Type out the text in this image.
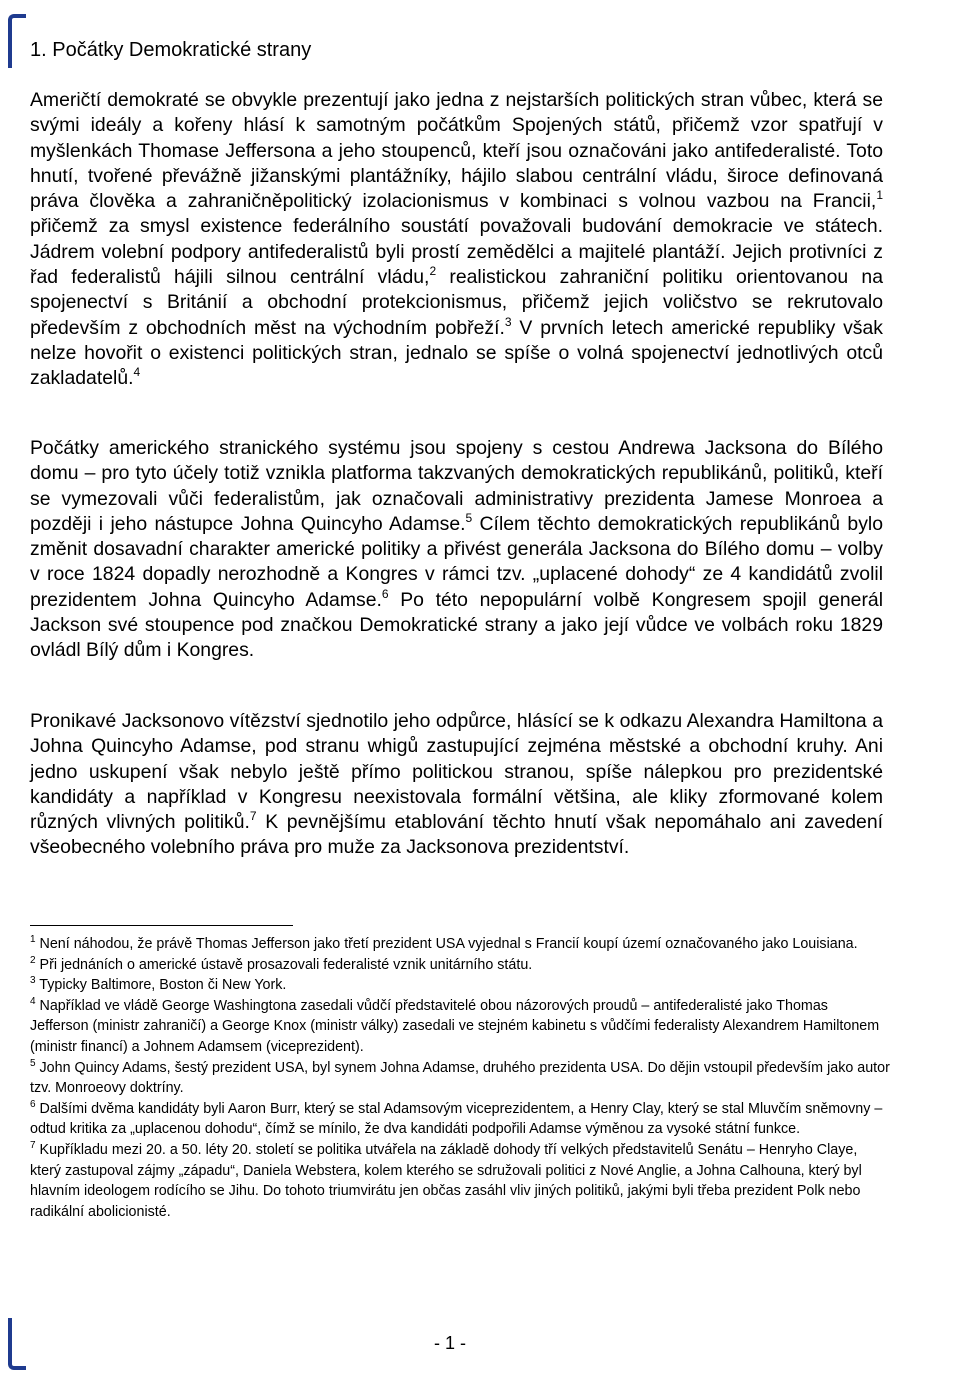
1. Počátky Demokratické strany

Američtí demokraté se obvykle prezentují jako jedna z nejstarších politických stran vůbec, která se svými ideály a kořeny hlásí k samotným počátkům Spojených států, přičemž vzor spatřují v myšlenkách Thomase Jeffersona a jeho stoupenců, kteří jsou označováni jako antifederalisté. Toto hnutí, tvořené převážně jižanskými plantážníky, hájilo slabou centrální vládu, široce definovaná práva člověka a zahraničněpolitický izolacionismus v kombinaci s volnou vazbou na Francii,$^1$ přičemž za smysl existence federálního soustátí považovali budování demokracie ve státech. Jádrem volební podpory antifederalistů byli prostí zemědělci a majitelé plantáží. Jejich protivníci z řad federalistů hájili silnou centrální vládu,$^2$ realistickou zahraniční politiku orientovanou na spojenectví s Británií a obchodní protekcionismus, přičemž jejich voličstvo se rekrutovalo především z obchodních měst na východním pobřeží.$^3$ V prvních letech americké republiky však nelze hovořit o existenci politických stran, jednalo se spíše o volná spojenectví jednotlivých otců zakladatelů.$^4$

Počátky amerického stranického systému jsou spojeny s cestou Andrewa Jacksona do Bílého domu – pro tyto účely totiž vznikla platforma takzvaných demokratických republikánů, politiků, kteří se vymezovali vůči federalistům, jak označovali administrativy prezidenta Jamese Monroea a později i jeho nástupce Johna Quincyho Adamse.$^5$ Cílem těchto demokratických republikánů bylo změnit dosavadní charakter americké politiky a přivést generála Jacksona do Bílého domu – volby v roce 1824 dopadly nerozhodně a Kongres v rámci tzv. „uplacené dohody“ ze 4 kandidátů zvolil prezidentem Johna Quincyho Adamse.$^6$ Po této nepopulární volbě Kongresem spojil generál Jackson své stoupence pod značkou Demokratické strany a jako její vůdce ve volbách roku 1829 ovládl Bílý dům i Kongres.

Pronikavé Jacksonovo vítězství sjednotilo jeho odpůrce, hlásící se k odkazu Alexandra Hamiltona a Johna Quincyho Adamse, pod stranu whigů zastupující zejména městské a obchodní kruhy. Ani jedno uskupení však nebylo ještě přímo politickou stranou, spíše nálepkou pro prezidentské kandidáty a například v Kongresu neexistovala formální většina, ale kliky zformované kolem různých vlivných politiků.$^7$ K pevnějšímu etablování těchto hnutí však nepomáhalo ani zavedení všeobecného volebního práva pro muže za Jacksonova prezidentství.

$^1$ Není náhodou, že právě Thomas Jefferson jako třetí prezident USA vyjednal s Francií koupí území označovaného jako Louisiana.
$^2$ Při jednáních o americké ústavě prosazovali federalisté vznik unitárního státu.
$^3$ Typicky Baltimore, Boston či New York.
$^4$ Například ve vládě George Washingtona zasedali vůdčí představitelé obou názorových proudů – antifederalisté jako Thomas Jefferson (ministr zahraničí) a George Knox (ministr války) zasedali ve stejném kabinetu s vůdčími federalisty Alexandrem Hamiltonem (ministr financí) a Johnem Adamsem (viceprezident).
$^5$ John Quincy Adams, šestý prezident USA, byl synem Johna Adamse, druhého prezidenta USA. Do dějin vstoupil především jako autor tzv. Monroeovy doktríny.
$^6$ Dalšími dvěma kandidáty byli Aaron Burr, který se stal Adamsovým viceprezidentem, a Henry Clay, který se stal Mluvčím sněmovny – odtud kritika za „uplacenou dohodu“, čímž se mínilo, že dva kandidáti podpořili Adamse výměnou za vysoké státní funkce.
$^7$ Kupříkladu mezi 20. a 50. léty 20. století se politika utvářela na základě dohody tří velkých představitelů Senátu – Henryho Claye, který zastupoval zájmy „západu“, Daniela Webstera, kolem kterého se sdružovali politici z Nové Anglie, a Johna Calhouna, který byl hlavním ideologem rodícího se Jihu. Do tohoto triumvirátu jen občas zasáhl vliv jiných politiků, jakými byli třeba prezident Polk nebo radikální abolicionisté.
- 1 -
